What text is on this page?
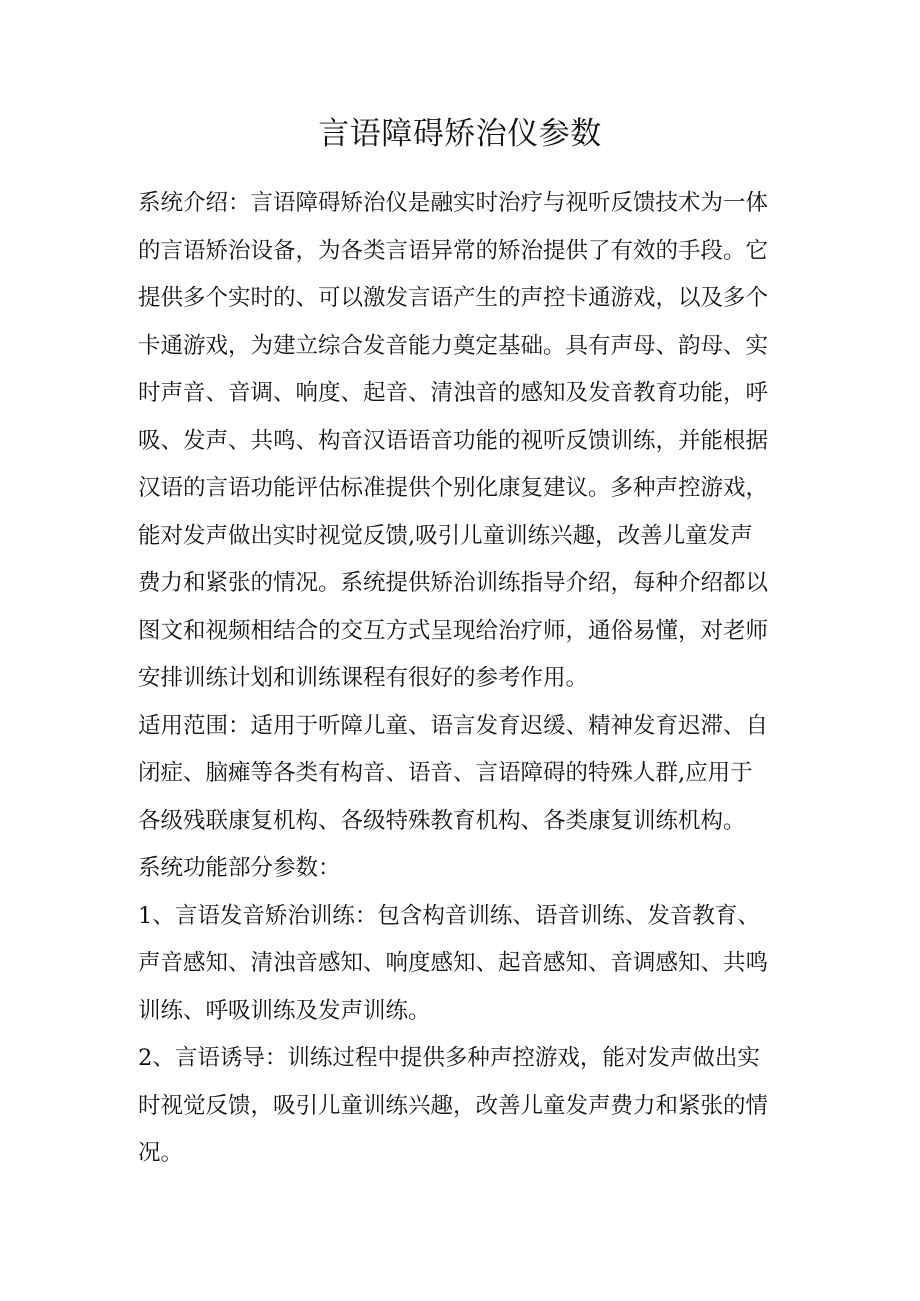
言语障碍矫治仪参数
系统介绍：言语障碍矫治仪是融实时治疗与视听反馈技术为一体
的言语矫治设备，为各类言语异常的矫治提供了有效的手段。它
提供多个实时的、可以激发言语产生的声控卡通游戏，以及多个
卡通游戏，为建立综合发音能力奠定基础。具有声母、韵母、实
时声音、音调、响度、起音、清浊音的感知及发音教育功能，呼
吸、发声、共鸣、构音汉语语音功能的视听反馈训练，并能根据
汉语的言语功能评估标准提供个别化康复建议。多种声控游戏，
能对发声做出实时视觉反馈,吸引儿童训练兴趣，改善儿童发声
费力和紧张的情况。系统提供矫治训练指导介绍，每种介绍都以
图文和视频相结合的交互方式呈现给治疗师，通俗易懂，对老师
安排训练计划和训练课程有很好的参考作用。
适用范围：适用于听障儿童、语言发育迟缓、精神发育迟滞、自
闭症、脑瘫等各类有构音、语音、言语障碍的特殊人群,应用于
各级残联康复机构、各级特殊教育机构、各类康复训练机构。
系统功能部分参数：
1、言语发音矫治训练：包含构音训练、语音训练、发音教育、
声音感知、清浊音感知、响度感知、起音感知、音调感知、共鸣
训练、呼吸训练及发声训练。
2、言语诱导：训练过程中提供多种声控游戏，能对发声做出实
时视觉反馈，吸引儿童训练兴趣，改善儿童发声费力和紧张的情
况。
